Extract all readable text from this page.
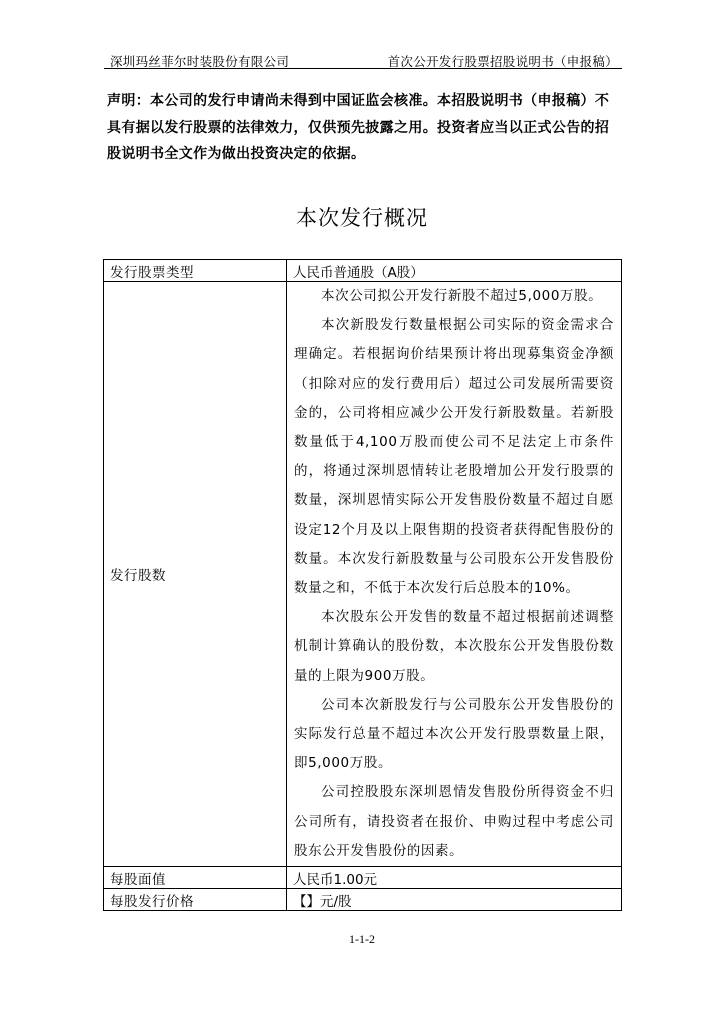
深圳玛丝菲尔时装股份有限公司	首次公开发行股票招股说明书（申报稿）
声明：本公司的发行申请尚未得到中国证监会核准。本招股说明书（申报稿）不具有据以发行股票的法律效力，仅供预先披露之用。投资者应当以正式公告的招股说明书全文作为做出投资决定的依据。
本次发行概况
发行股票类型	人民币普通股（A股）
发行股数	本次公司拟公开发行新股不超过5,000万股。

本次新股发行数量根据公司实际的资金需求合理确定。若根据询价结果预计将出现募集资金净额（扣除对应的发行费用后）超过公司发展所需要资金的，公司将相应减少公开发行新股数量。若新股数量低于4,100万股而使公司不足法定上市条件的，将通过深圳恩情转让老股增加公开发行股票的数量，深圳恩情实际公开发售股份数量不超过自愿设定12个月及以上限售期的投资者获得配售股份的数量。本次发行新股数量与公司股东公开发售股份数量之和，不低于本次发行后总股本的10%。

本次股东公开发售的数量不超过根据前述调整机制计算确认的股份数，本次股东公开发售股份数量的上限为900万股。

公司本次新股发行与公司股东公开发售股份的实际发行总量不超过本次公开发行股票数量上限，即5,000万股。

公司控股股东深圳恩情发售股份所得资金不归公司所有，请投资者在报价、申购过程中考虑公司股东公开发售股份的因素。

每股面值	人民币1.00元
每股发行价格	【】元/股
1-1-2
